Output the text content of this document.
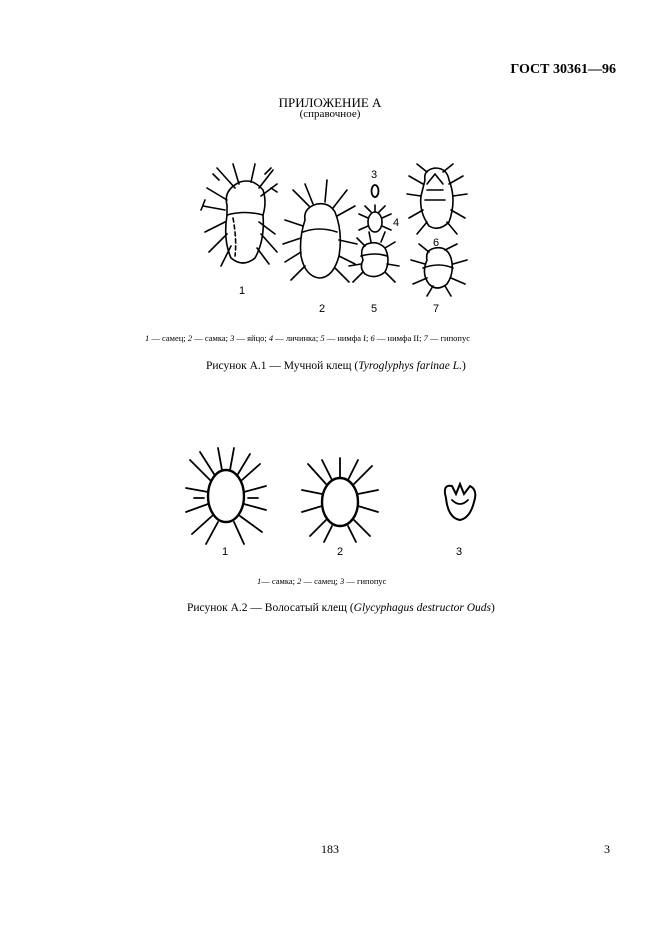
ГОСТ 30361—96
ПРИЛОЖЕНИЕ А
(справочное)
1
2
3
4
5
6
7
1 — самец; 2 — самка; 3 — яйцо; 4 — личинка; 5 — нимфа I; 6 — нимфа II; 7 — гипопус
Рисунок А.1 — Мучной клещ (Tyroglyphys farinae L.)
1	2	3
1— самка; 2 — самец; 3 — гипопус
Рисунок А.2 — Волосатый клещ (Glycyphagus destructor Ouds)
183	3
